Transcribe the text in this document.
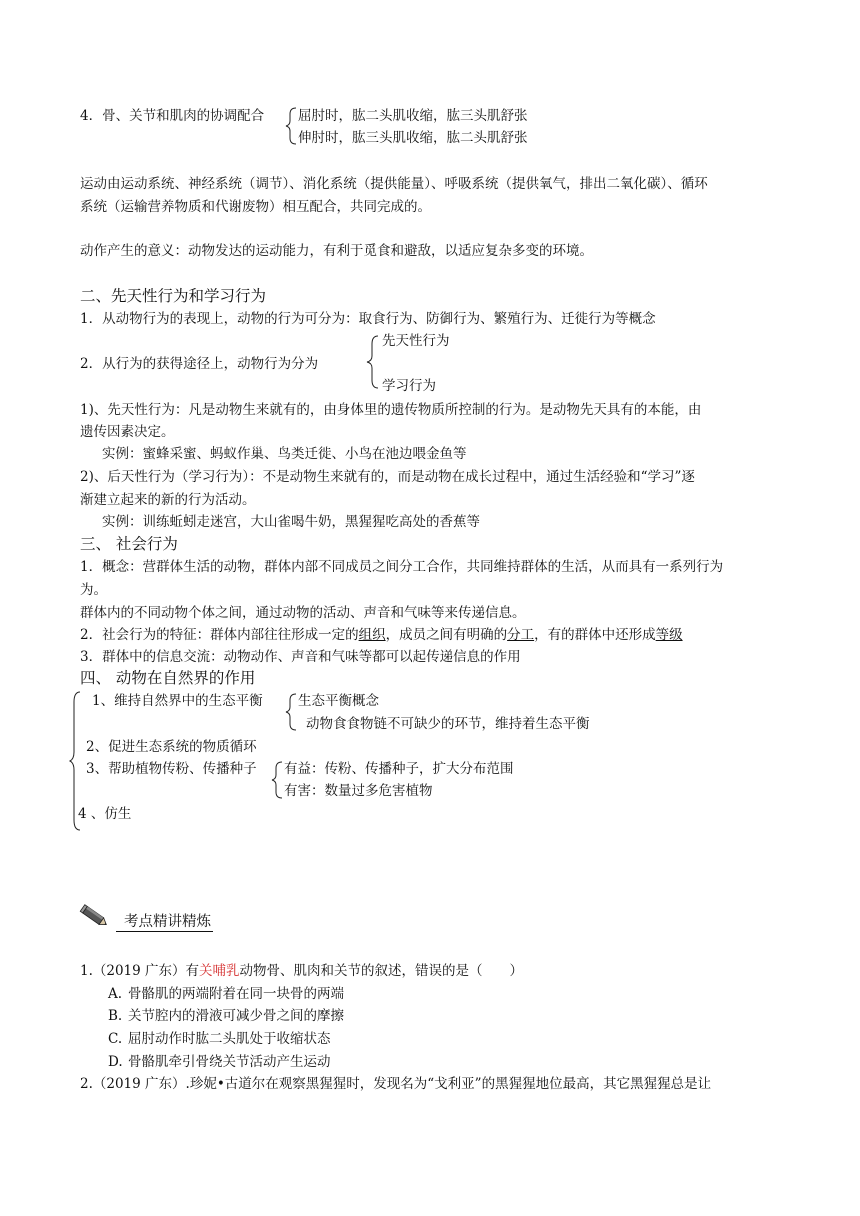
4．骨、关节和肌肉的协调配合	屈肘时，肱二头肌收缩，肱三头肌舒张
伸肘时，肱三头肌收缩，肱二头肌舒张
运动由运动系统、神经系统（调节）、消化系统（提供能量）、呼吸系统（提供氧气，排出二氧化碳）、循环
系统（运输营养物质和代谢废物）相互配合，共同完成的。
动作产生的意义：动物发达的运动能力，有利于觅食和避敌，以适应复杂多变的环境。
二、先天性行为和学习行为
1．从动物行为的表现上，动物的行为可分为：取食行为、防御行为、繁殖行为、迁徙行为等概念
2．从行为的获得途径上，动物行为分为
先天性行为
学习行为
1)、先天性行为：凡是动物生来就有的，由身体里的遗传物质所控制的行为。是动物先天具有的本能，由
遗传因素决定。
实例：蜜蜂采蜜、蚂蚁作巢、鸟类迁徙、小鸟在池边喂金鱼等
2)、后天性行为（学习行为）：不是动物生来就有的，而是动物在成长过程中，通过生活经验和“学习”逐
渐建立起来的新的行为活动。
实例：训练蚯蚓走迷宫，大山雀喝牛奶，黑猩猩吃高处的香蕉等
三、 社会行为
1．概念：营群体生活的动物，群体内部不同成员之间分工合作，共同维持群体的生活，从而具有一系列行为
为。
群体内的不同动物个体之间，通过动物的活动、声音和气味等来传递信息。
2．社会行为的特征：群体内部往往形成一定的组织，成员之间有明确的分工，有的群体中还形成等级
3．群体中的信息交流：动物动作、声音和气味等都可以起传递信息的作用
四、 动物在自然界的作用
1、维持自然界中的生态平衡	生态平衡概念
动物食食物链不可缺少的环节，维持着生态平衡
2、促进生态系统的物质循环
3、帮助植物传粉、传播种子 有益：传粉、传播种子，扩大分布范围
有害：数量过多危害植物
4 、仿生
考点精讲精炼
1.（2019 广东）有关哺乳动物骨、肌肉和关节的叙述，错误的是（　　）
A. 骨骼肌的两端附着在同一块骨的两端
B. 关节腔内的滑液可减少骨之间的摩擦
C. 屈肘动作时肱二头肌处于收缩状态
D. 骨骼肌牵引骨绕关节活动产生运动
2.（2019 广东）.珍妮•古道尔在观察黑猩猩时，发现名为“戈利亚”的黑猩猩地位最高，其它黑猩猩总是让
